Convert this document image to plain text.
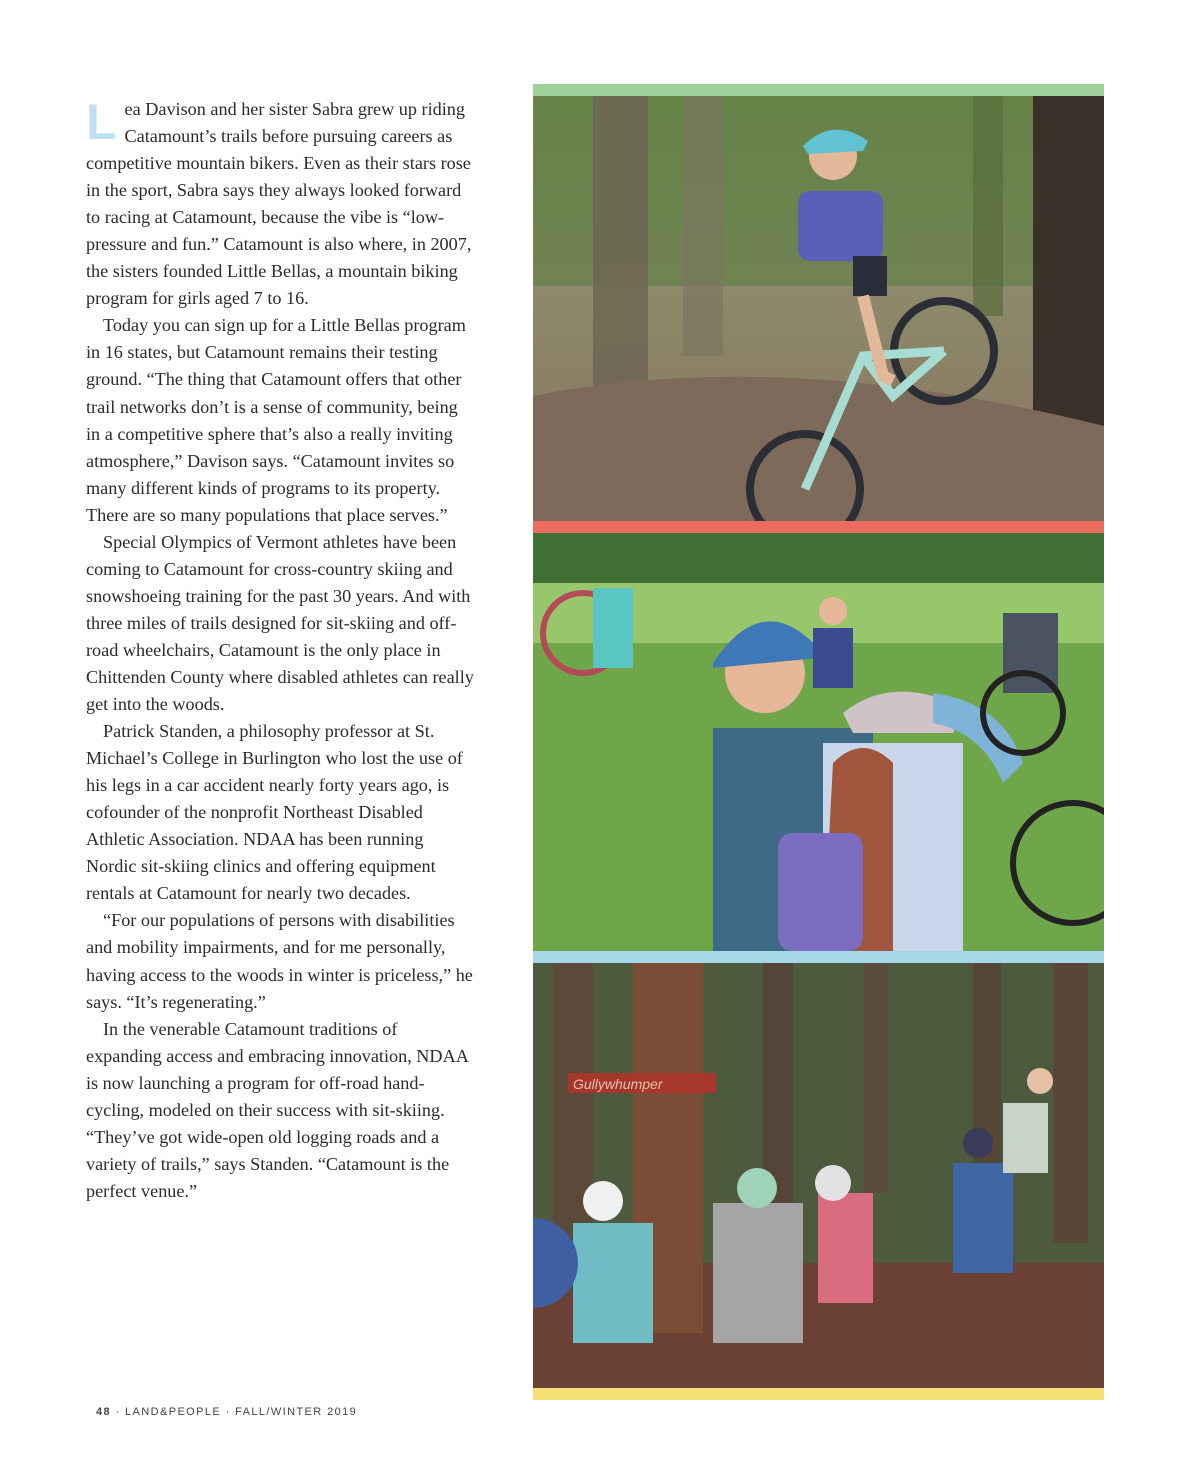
Lea Davison and her sister Sabra grew up riding Catamount’s trails before pursuing careers as competitive mountain bikers. Even as their stars rose in the sport, Sabra says they always looked forward to racing at Catamount, because the vibe is “low-pressure and fun.” Catamount is also where, in 2007, the sisters founded Little Bellas, a mountain biking program for girls aged 7 to 16.

Today you can sign up for a Little Bellas program in 16 states, but Catamount remains their testing ground. “The thing that Catamount offers that other trail networks don’t is a sense of community, being in a competitive sphere that’s also a really inviting atmosphere,” Davison says. “Catamount invites so many different kinds of programs to its property. There are so many populations that place serves.”

Special Olympics of Vermont athletes have been coming to Catamount for cross-country skiing and snowshoeing training for the past 30 years. And with three miles of trails designed for sit-skiing and off-road wheelchairs, Catamount is the only place in Chittenden County where disabled athletes can really get into the woods.

Patrick Standen, a philosophy professor at St. Michael’s College in Burlington who lost the use of his legs in a car accident nearly forty years ago, is cofounder of the nonprofit Northeast Disabled Athletic Association. NDAA has been running Nordic sit-skiing clinics and offering equipment rentals at Catamount for nearly two decades.

“For our populations of persons with disabilities and mobility impairments, and for me personally, having access to the woods in winter is priceless,” he says. “It’s regenerating.”

In the venerable Catamount traditions of expanding access and embracing innovation, NDAA is now launching a program for off-road hand-cycling, modeled on their success with sit-skiing. “They’ve got wide-open old logging roads and a variety of trails,” says Standen. “Catamount is the perfect venue.”

Gullywhumper
48 · LAND&PEOPLE · FALL/WINTER 2019
